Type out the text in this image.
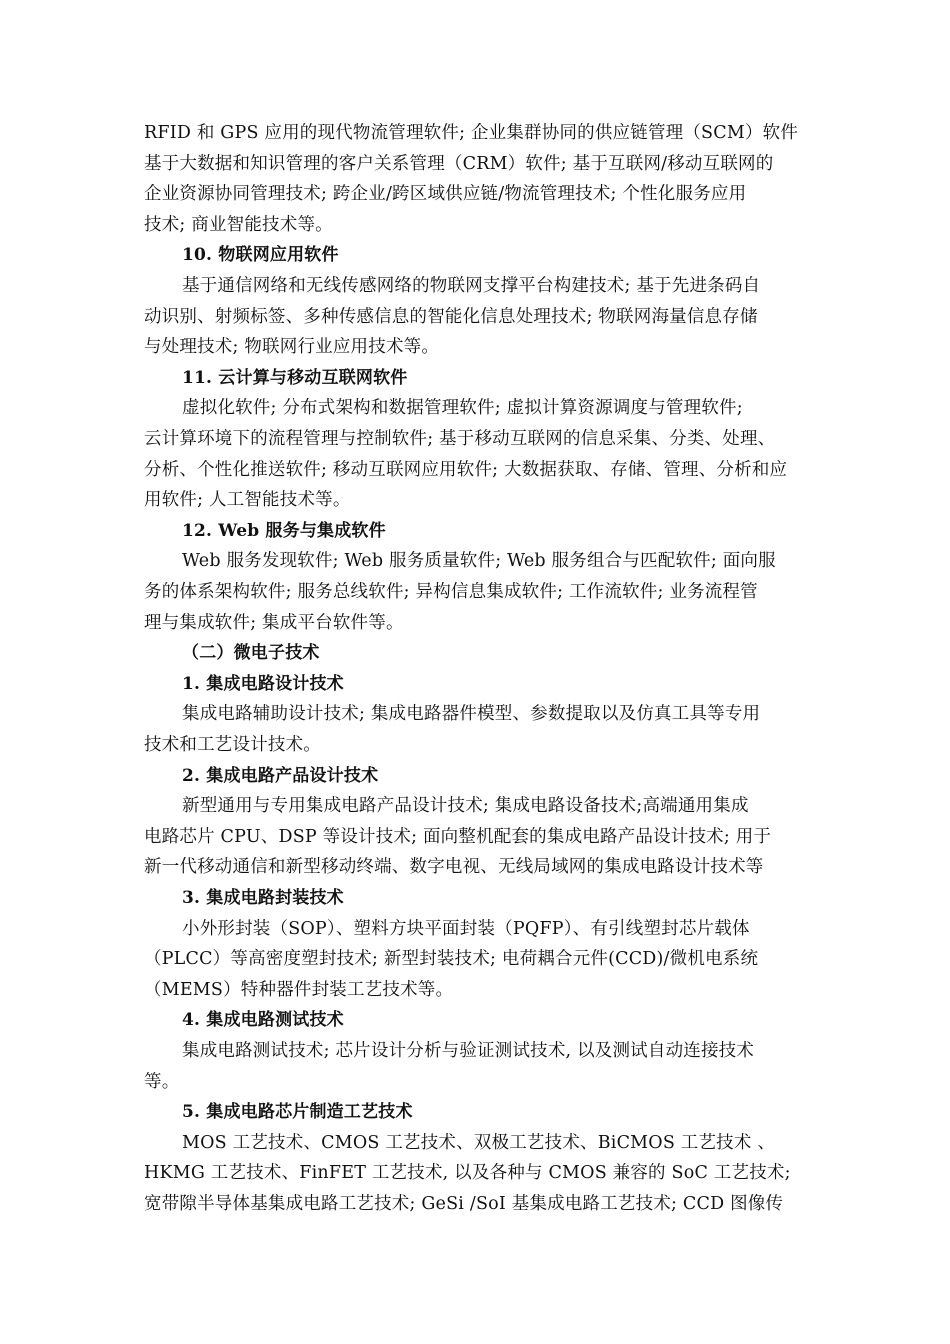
RFID 和 GPS 应用的现代物流管理软件; 企业集群协同的供应链管理（SCM）软件
基于大数据和知识管理的客户关系管理（CRM）软件; 基于互联网/移动互联网的
企业资源协同管理技术; 跨企业/跨区域供应链/物流管理技术; 个性化服务应用
技术; 商业智能技术等。
10. 物联网应用软件
基于通信网络和无线传感网络的物联网支撑平台构建技术; 基于先进条码自
动识别、射频标签、多种传感信息的智能化信息处理技术; 物联网海量信息存储
与处理技术; 物联网行业应用技术等。
11. 云计算与移动互联网软件
虚拟化软件; 分布式架构和数据管理软件; 虚拟计算资源调度与管理软件;
云计算环境下的流程管理与控制软件; 基于移动互联网的信息采集、分类、处理、
分析、个性化推送软件; 移动互联网应用软件; 大数据获取、存储、管理、分析和应
用软件; 人工智能技术等。
12. Web 服务与集成软件
Web 服务发现软件; Web 服务质量软件; Web 服务组合与匹配软件; 面向服
务的体系架构软件; 服务总线软件; 异构信息集成软件; 工作流软件; 业务流程管
理与集成软件; 集成平台软件等。
（二）微电子技术
1. 集成电路设计技术
集成电路辅助设计技术; 集成电路器件模型、参数提取以及仿真工具等专用
技术和工艺设计技术。
2. 集成电路产品设计技术
新型通用与专用集成电路产品设计技术; 集成电路设备技术;高端通用集成
电路芯片 CPU、DSP 等设计技术; 面向整机配套的集成电路产品设计技术; 用于
新一代移动通信和新型移动终端、数字电视、无线局域网的集成电路设计技术等
3. 集成电路封装技术
小外形封装（SOP）、塑料方块平面封装（PQFP）、有引线塑封芯片载体
（PLCC）等高密度塑封技术; 新型封装技术; 电荷耦合元件(CCD)/微机电系统
（MEMS）特种器件封装工艺技术等。
4. 集成电路测试技术
集成电路测试技术; 芯片设计分析与验证测试技术, 以及测试自动连接技术
等。
5. 集成电路芯片制造工艺技术
MOS 工艺技术、CMOS 工艺技术、双极工艺技术、BiCMOS 工艺技术 、
HKMG 工艺技术、FinFET 工艺技术, 以及各种与 CMOS 兼容的 SoC 工艺技术;
宽带隙半导体基集成电路工艺技术; GeSi /SoI 基集成电路工艺技术; CCD 图像传
